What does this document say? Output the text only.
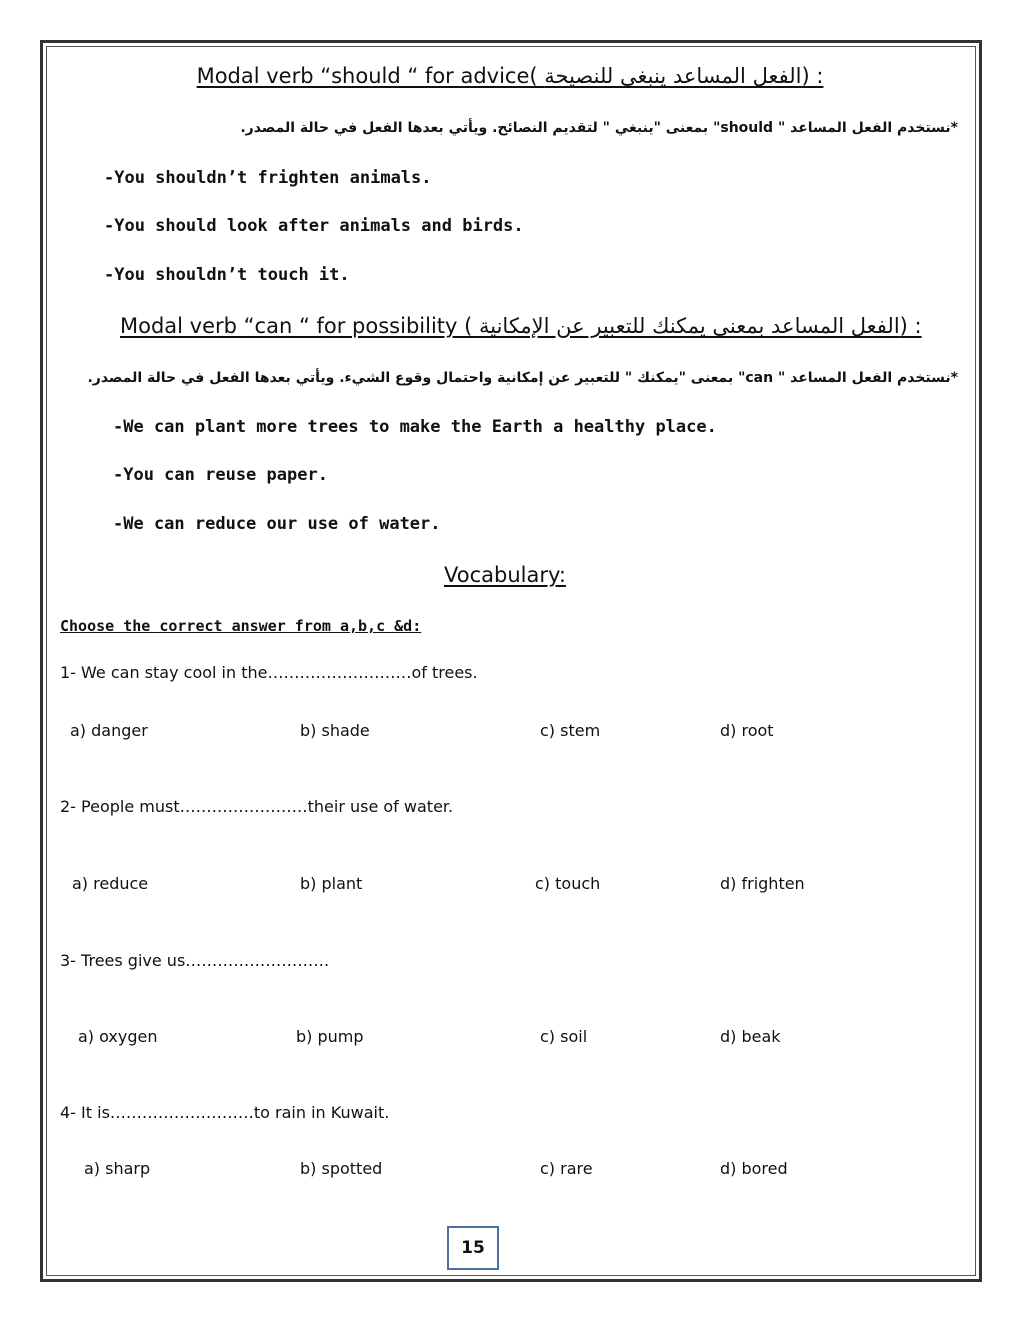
Modal verb “should “ for advice( الفعل المساعد ينبغى للنصيحة) :
*نستخدم الفعل المساعد " should" بمعنى "ينبغي " لتقديم النصائح. ويأتي بعدها الفعل في حالة المصدر.
-You shouldn’t frighten animals.
-You should look after animals and birds.
-You shouldn’t touch it.
Modal verb “can “ for possibility ( الفعل المساعد بمعنى يمكنك للتعبير عن الإمكانية) :
*نستخدم الفعل المساعد " can" بمعنى "يمكنك " للتعبير عن إمكانية واحتمال وقوع الشيء. ويأتي بعدها الفعل في حالة المصدر.
-We can plant more trees to make the Earth a healthy place.
-You can reuse paper.
-We can reduce our use of water.
Vocabulary:
Choose the correct answer from a,b,c &d:
1- We can stay cool in the………………………of trees.
a) danger	b) shade	c) stem	d) root
2- People must……………………their use of water.
a) reduce	b) plant	c) touch	d) frighten
3- Trees give us………………………
a) oxygen	b) pump	c) soil	d) beak
4- It is………………………to rain in Kuwait.
a) sharp	b) spotted	c) rare	d) bored
15
